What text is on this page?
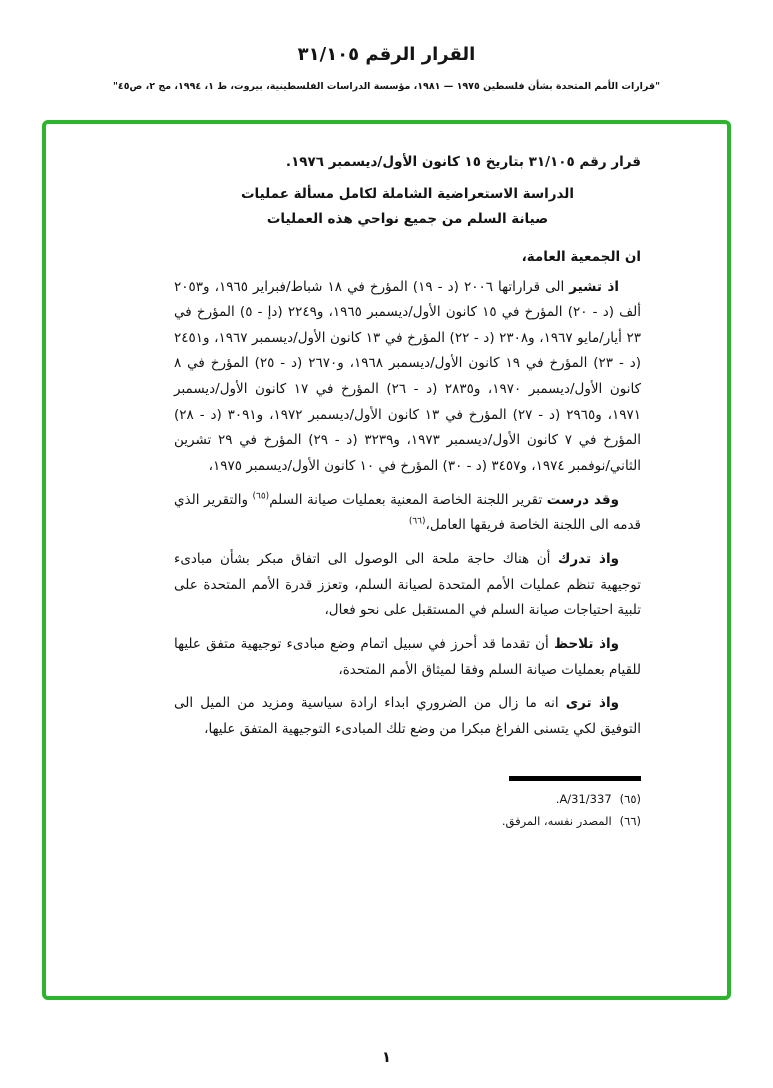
القرار الرقم ٣١/١٠٥
"قرارات الأمم المتحدة بشأن فلسطين ١٩٧٥ — ١٩٨١، مؤسسة الدراسات الفلسطينية، بيروت، ط ١، ١٩٩٤، مج ٢، ص٤٥"

قرار رقم ٣١/١٠٥ بتاريخ ١٥ كانون الأول/ديسمبر ١٩٧٦.

الدراسة الاستعراضية الشاملة لكامل مسألة عمليات

صيانة السلم من جميع نواحي هذه العمليات

ان الجمعية العامة،

اذ تشير الى قراراتها ٢٠٠٦ (د - ١٩) المؤرخ في ١٨ شباط/فبراير ١٩٦٥، و٢٠٥٣ ألف (د - ٢٠) المؤرخ في ١٥ كانون الأول/ديسمبر ١٩٦٥، و٢٢٤٩ (دإ - ٥) المؤرخ في ٢٣ أيار/مايو ١٩٦٧، و٢٣٠٨ (د - ٢٢) المؤرخ في ١٣ كانون الأول/ديسمبر ١٩٦٧، و٢٤٥١ (د - ٢٣) المؤرخ في ١٩ كانون الأول/ديسمبر ١٩٦٨، و٢٦٧٠ (د - ٢٥) المؤرخ في ٨ كانون الأول/ديسمبر ١٩٧٠، و٢٨٣٥ (د - ٢٦) المؤرخ في ١٧ كانون الأول/ديسمبر ١٩٧١، و٢٩٦٥ (د - ٢٧) المؤرخ في ١٣ كانون الأول/ديسمبر ١٩٧٢، و٣٠٩١ (د - ٢٨) المؤرخ في ٧ كانون الأول/ديسمبر ١٩٧٣، و٣٢٣٩ (د - ٢٩) المؤرخ في ٢٩ تشرين الثاني/نوفمبر ١٩٧٤، و٣٤٥٧ (د - ٣٠) المؤرخ في ١٠ كانون الأول/ديسمبر ١٩٧٥،

وقد درست تقرير اللجنة الخاصة المعنية بعمليات صيانة السلم$^{(٦٥)}$ والتقرير الذي قدمه الى اللجنة الخاصة فريقها العامل،$^{(٦٦)}$

واذ تدرك أن هناك حاجة ملحة الى الوصول الى اتفاق مبكر بشأن مبادىء توجيهية تنظم عمليات الأمم المتحدة لصيانة السلم، وتعزز قدرة الأمم المتحدة على تلبية احتياجات صيانة السلم في المستقبل على نحو فعال،

واذ تلاحظ أن تقدما قد أحرز في سبيل اتمام وضع مبادىء توجيهية متفق عليها للقيام بعمليات صيانة السلم وفقا لميثاق الأمم المتحدة،

واذ ترى انه ما زال من الضروري ابداء ارادة سياسية ومزيد من الميل الى التوفيق لكي يتسنى الفراغ مبكرا من وضع تلك المبادىء التوجيهية المتفق عليها،

(٦٥)A/31/337.

(٦٦)المصدر نفسه، المرفق.

١
